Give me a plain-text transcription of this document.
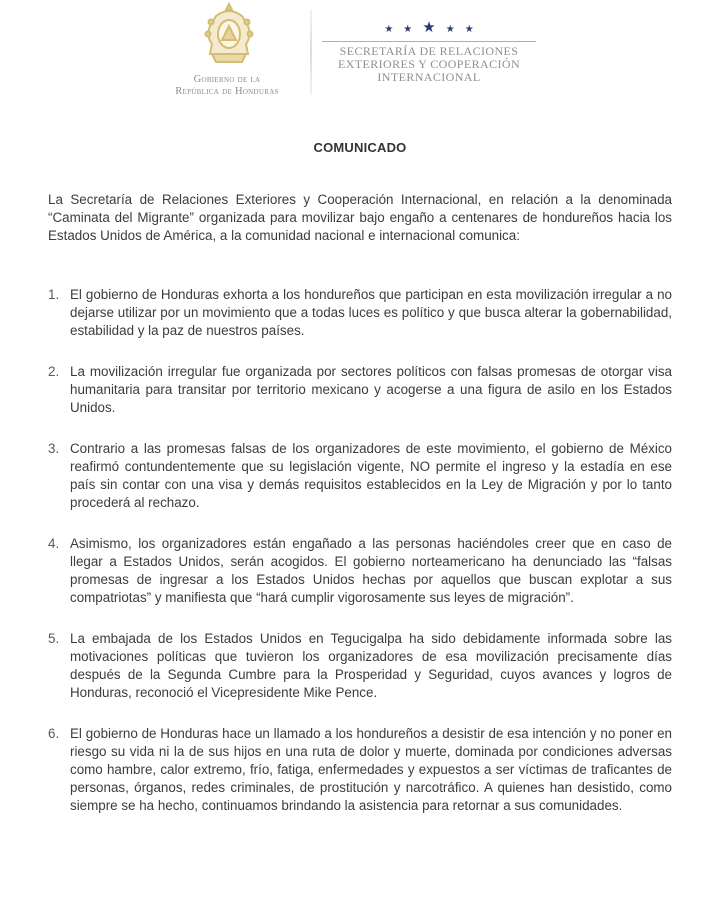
Gobierno de la
República de Honduras
★ ★ ★ ★ ★
SECRETARÍA DE RELACIONES
EXTERIORES Y COOPERACIÓN
INTERNACIONAL
COMUNICADO

La Secretaría de Relaciones Exteriores y Cooperación Internacional, en relación a la denominada “Caminata del Migrante” organizada para movilizar bajo engaño a centenares de hondureños hacia los Estados Unidos de América, a la comunidad nacional e internacional comunica:

1. El gobierno de Honduras exhorta a los hondureños que participan en esta movilización irregular a no dejarse utilizar por un movimiento que a todas luces es político y que busca alterar la gobernabilidad, estabilidad y la paz de nuestros países.
2. La movilización irregular fue organizada por sectores políticos con falsas promesas de otorgar visa humanitaria para transitar por territorio mexicano y acogerse a una figura de asilo en los Estados Unidos.
3. Contrario a las promesas falsas de los organizadores de este movimiento, el gobierno de México reafirmó contundentemente que su legislación vigente, NO permite el ingreso y la estadía en ese país sin contar con una visa y demás requisitos establecidos en la Ley de Migración y por lo tanto procederá al rechazo.
4. Asimismo, los organizadores están engañado a las personas haciéndoles creer que en caso de llegar a Estados Unidos, serán acogidos. El gobierno norteamericano ha denunciado las “falsas promesas de ingresar a los Estados Unidos hechas por aquellos que buscan explotar a sus compatriotas” y manifiesta que “hará cumplir vigorosamente sus leyes de migración”.
5. La embajada de los Estados Unidos en Tegucigalpa ha sido debidamente informada sobre las motivaciones políticas que tuvieron los organizadores de esa movilización precisamente días después de la Segunda Cumbre para la Prosperidad y Seguridad, cuyos avances y logros de Honduras, reconoció el Vicepresidente Mike Pence.
6. El gobierno de Honduras hace un llamado a los hondureños a desistir de esa intención y no poner en riesgo su vida ni la de sus hijos en una ruta de dolor y muerte, dominada por condiciones adversas como hambre, calor extremo, frío, fatiga, enfermedades y expuestos a ser víctimas de traficantes de personas, órganos, redes criminales, de prostitución y narcotráfico. A quienes han desistido, como siempre se ha hecho, continuamos brindando la asistencia para retornar a sus comunidades.
